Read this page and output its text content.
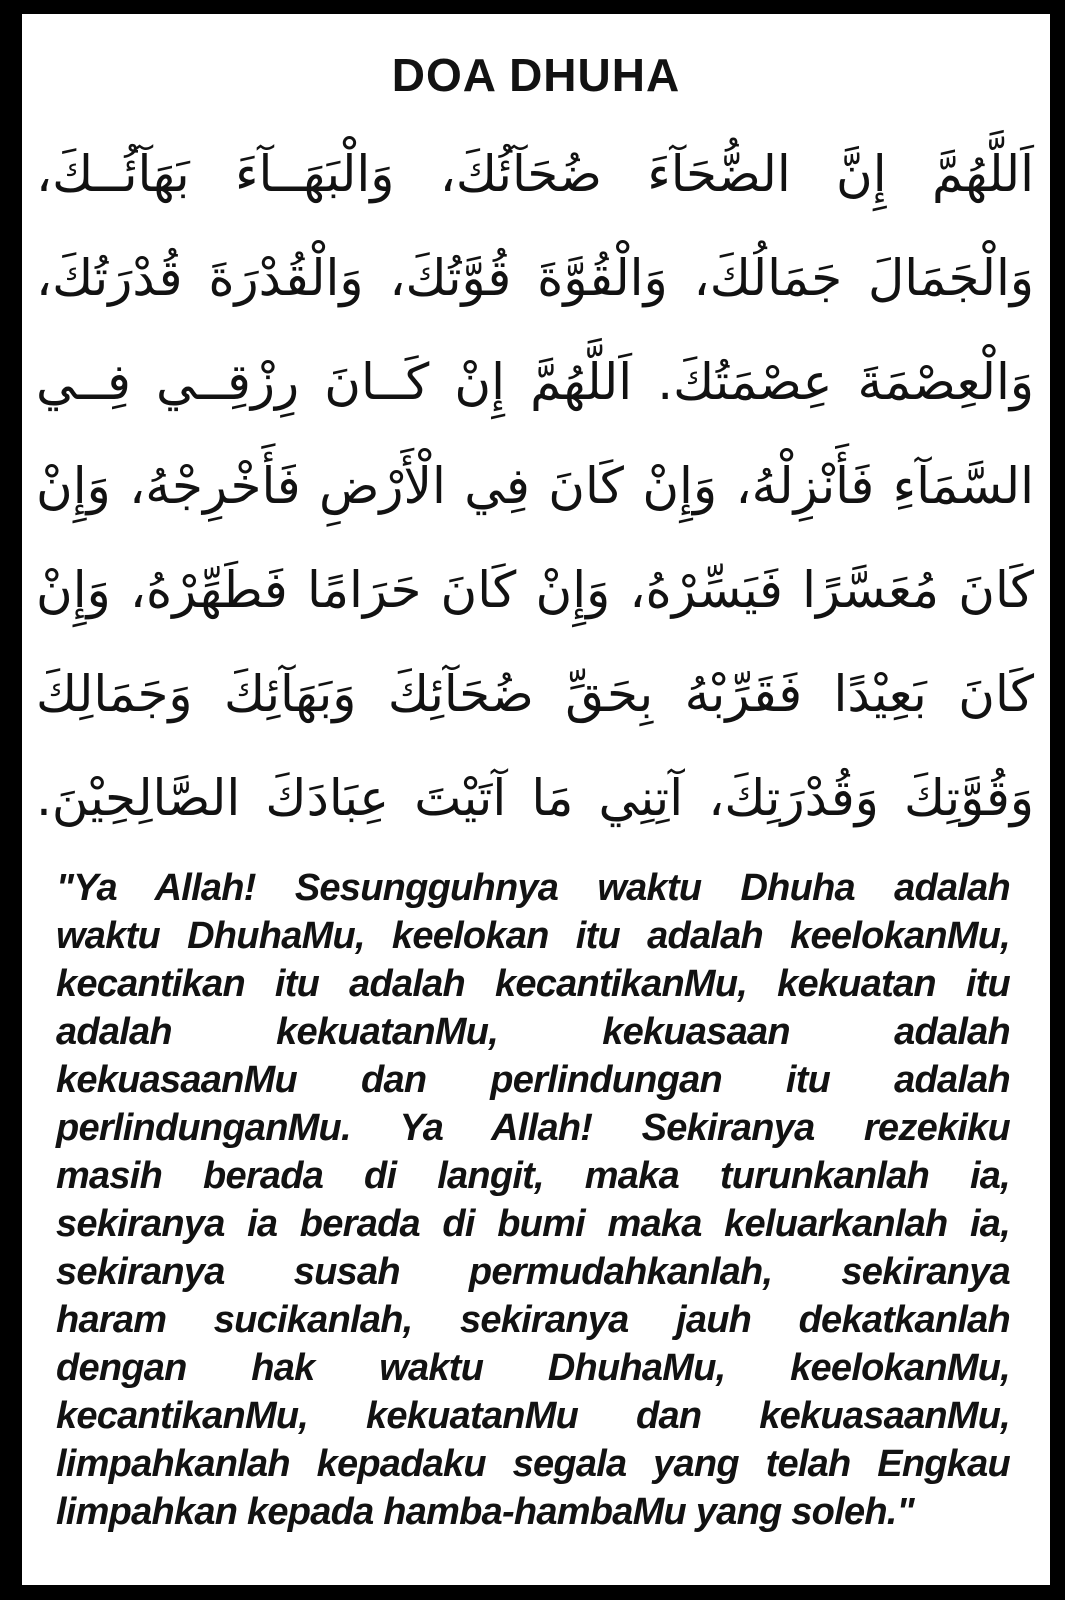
DOA DHUHA
اَللَّهُمَّ إِنَّ الضُّحَآءَ ضُحَآئُكَ، وَالْبَهَــآءَ بَهَآئُــكَ،
وَالْجَمَالَ جَمَالُكَ، وَالْقُوَّةَ قُوَّتُكَ، وَالْقُدْرَةَ قُدْرَتُكَ،
وَالْعِصْمَةَ عِصْمَتُكَ. اَللَّهُمَّ إِنْ كَــانَ رِزْقِــي فِــي
السَّمَآءِ فَأَنْزِلْهُ، وَإِنْ كَانَ فِي الْأَرْضِ فَأَخْرِجْهُ، وَإِنْ
كَانَ مُعَسَّرًا فَيَسِّرْهُ، وَإِنْ كَانَ حَرَامًا فَطَهِّرْهُ، وَإِنْ
كَانَ بَعِيْدًا فَقَرِّبْهُ بِحَقِّ ضُحَآئِكَ وَبَهَآئِكَ وَجَمَالِكَ
وَقُوَّتِكَ وَقُدْرَتِكَ، آتِنِي مَا آتَيْتَ عِبَادَكَ الصَّالِحِيْنَ.
"Ya Allah! Sesungguhnya waktu Dhuha adalah
waktu DhuhaMu, keelokan itu adalah keelokanMu,
kecantikan itu adalah kecantikanMu, kekuatan itu
adalah kekuatanMu, kekuasaan adalah
kekuasaanMu dan perlindungan itu adalah
perlindunganMu. Ya Allah! Sekiranya rezekiku
masih berada di langit, maka turunkanlah ia,
sekiranya ia berada di bumi maka keluarkanlah ia,
sekiranya susah permudahkanlah, sekiranya
haram sucikanlah, sekiranya jauh dekatkanlah
dengan hak waktu DhuhaMu, keelokanMu,
kecantikanMu, kekuatanMu dan kekuasaanMu,
limpahkanlah kepadaku segala yang telah Engkau
limpahkan kepada hamba-hambaMu yang soleh."
